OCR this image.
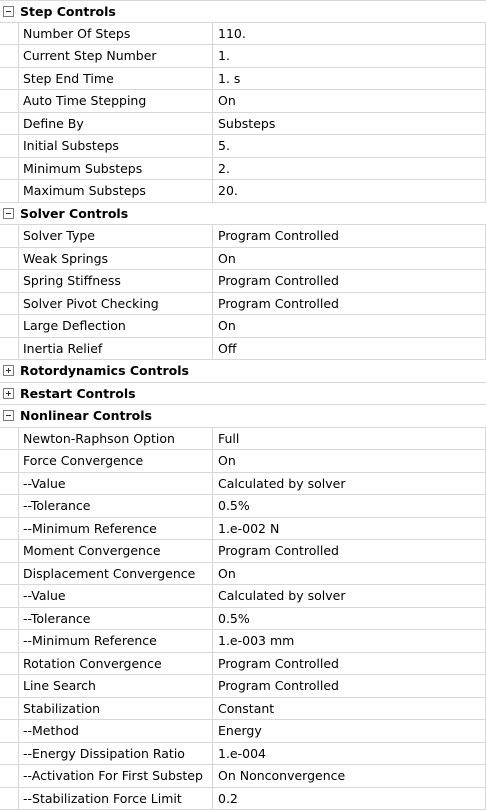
Step Controls
Number Of Steps	110.
Current Step Number	1.
Step End Time	1. s
Auto Time Stepping	On
Define By	Substeps
Initial Substeps	5.
Minimum Substeps	2.
Maximum Substeps	20.
Solver Controls
Solver Type	Program Controlled
Weak Springs	On
Spring Stiffness	Program Controlled
Solver Pivot Checking	Program Controlled
Large Deflection	On
Inertia Relief	Off
Rotordynamics Controls
Restart Controls
Nonlinear Controls
Newton-Raphson Option	Full
Force Convergence	On
--Value	Calculated by solver
--Tolerance	0.5%
--Minimum Reference	1.e-002 N
Moment Convergence	Program Controlled
Displacement Convergence	On
--Value	Calculated by solver
--Tolerance	0.5%
--Minimum Reference	1.e-003 mm
Rotation Convergence	Program Controlled
Line Search	Program Controlled
Stabilization	Constant
--Method	Energy
--Energy Dissipation Ratio	1.e-004
--Activation For First Substep	On Nonconvergence
--Stabilization Force Limit	0.2
